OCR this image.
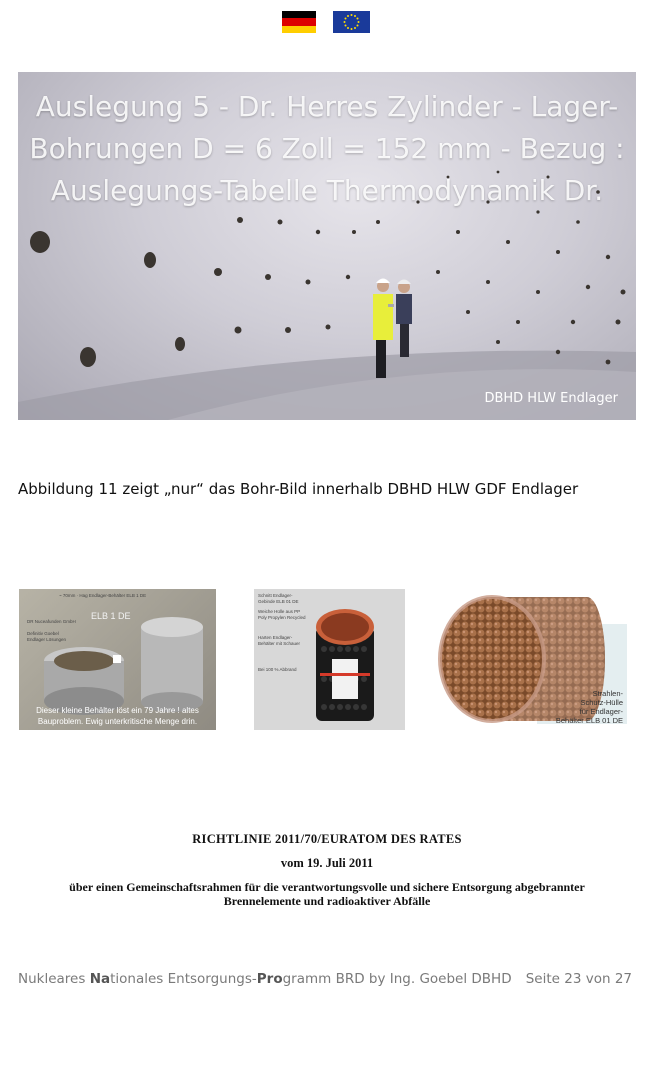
Auslegung 5 - Dr. Herres Zylinder - Lager-
Bohrungen D = 6 Zoll = 152 mm - Bezug :
Auslegungs-Tabelle Thermodynamik Dr.
DBHD HLW Endlager
Abbildung 11 zeigt „nur“ das Bohr-Bild innerhalb DBHD HLW GDF Endlager
~ 70mm · Hag Endlager-Behälter ELB 1 DE
DR Nuceafunden GmbH
Definitiv Goebel
Endlager Lösungen
ELB 1 DE
Dieser kleine Behälter löst ein 79 Jahre ! altes
Bauproblem. Ewig unterkritische Menge drin.
Schnitt Endlager-
Gebinde ELB 01 DE
Weiche Hülle aus PP
Poly Propylen Recycled
Harten Endlager-
Behälter mit Schauer
Bei 100 % Abbrand
Strahlen-
Schutz-Hülle
für Endlager-
Behälter ELB 01 DE
RICHTLINIE 2011/70/EURATOM DES RATES
vom 19. Juli 2011
über einen Gemeinschaftsrahmen für die verantwortungsvolle und sichere Entsorgung abgebrannter
Brennelemente und radioaktiver Abfälle
Nukleares Nationales Entsorgungs-Programm BRD by Ing. Goebel DBHD Seite 23 von 27
